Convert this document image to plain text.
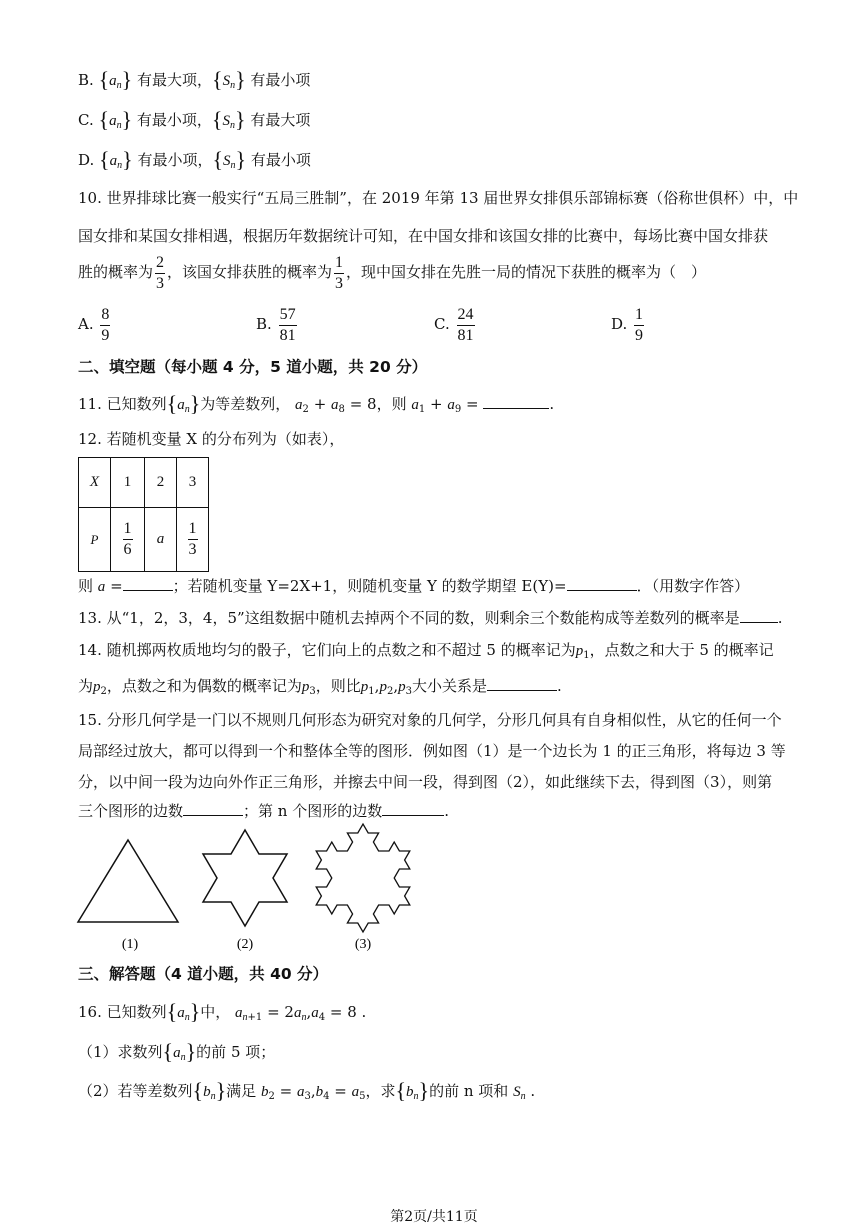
B. $\{a_n\}$ 有最大项，$\{S_n\}$ 有最小项
C. $\{a_n\}$ 有最小项，$\{S_n\}$ 有最大项
D. $\{a_n\}$ 有最小项，$\{S_n\}$ 有最小项
10. 世界排球比赛一般实行“五局三胜制”，在 2019 年第 13 届世界女排俱乐部锦标赛（俗称世俱杯）中，中
国女排和某国女排相遇，根据历年数据统计可知，在中国女排和该国女排的比赛中，每场比赛中国女排获
胜的概率为 $\frac{2}{3}$ ，该国女排获胜的概率为 $\frac{1}{3}$ ，现中国女排在先胜一局的情况下获胜的概率为（　）
A. $\frac{8}{9}$	B. $\frac{57}{81}$	C. $\frac{24}{81}$	D. $\frac{1}{9}$
二、填空题（每小题 4 分，5 道小题，共 20 分）
11. 已知数列$\{a_n\}$为等差数列， $a_2 + a_8 = 8$，则 $a_1 + a_9$ =	.
12. 若随机变量 X 的分布列为（如表），
X	1	2	3
P	$\frac{1}{6}$	a	$\frac{1}{3}$
则 a =	；若随机变量 Y=2X+1，则随机变量 Y 的数学期望 E(Y)=	．（用数字作答）
13. 从“1，2，3，4，5”这组数据中随机去掉两个不同的数，则剩余三个数能构成等差数列的概率是	.
14. 随机掷两枚质地均匀的骰子，它们向上的点数之和不超过 5 的概率记为$p_1$，点数之和大于 5 的概率记
为$p_2$，点数之和为偶数的概率记为$p_3$，则比$p_1,p_2,p_3$大小关系是	.
15. 分形几何学是一门以不规则几何形态为研究对象的几何学，分形几何具有自身相似性，从它的任何一个
局部经过放大，都可以得到一个和整体全等的图形．例如图（1）是一个边长为 1 的正三角形，将每边 3 等
分，以中间一段为边向外作正三角形，并擦去中间一段，得到图（2），如此继续下去，得到图（3），则第
三个图形的边数	；第 n 个图形的边数	.
(1)	(2)	(3)
三、解答题（4 道小题，共 40 分）
16. 已知数列$\{a_n\}$中， $a_{n+1} = 2a_n,a_4 = 8$ .
（1）求数列$\{a_n\}$的前 5 项；
（2）若等差数列$\{b_n\}$满足 $b_2 = a_3,b_4 = a_5$，求$\{b_n\}$的前 n 项和 $S_n$ .
第2页/共11页
